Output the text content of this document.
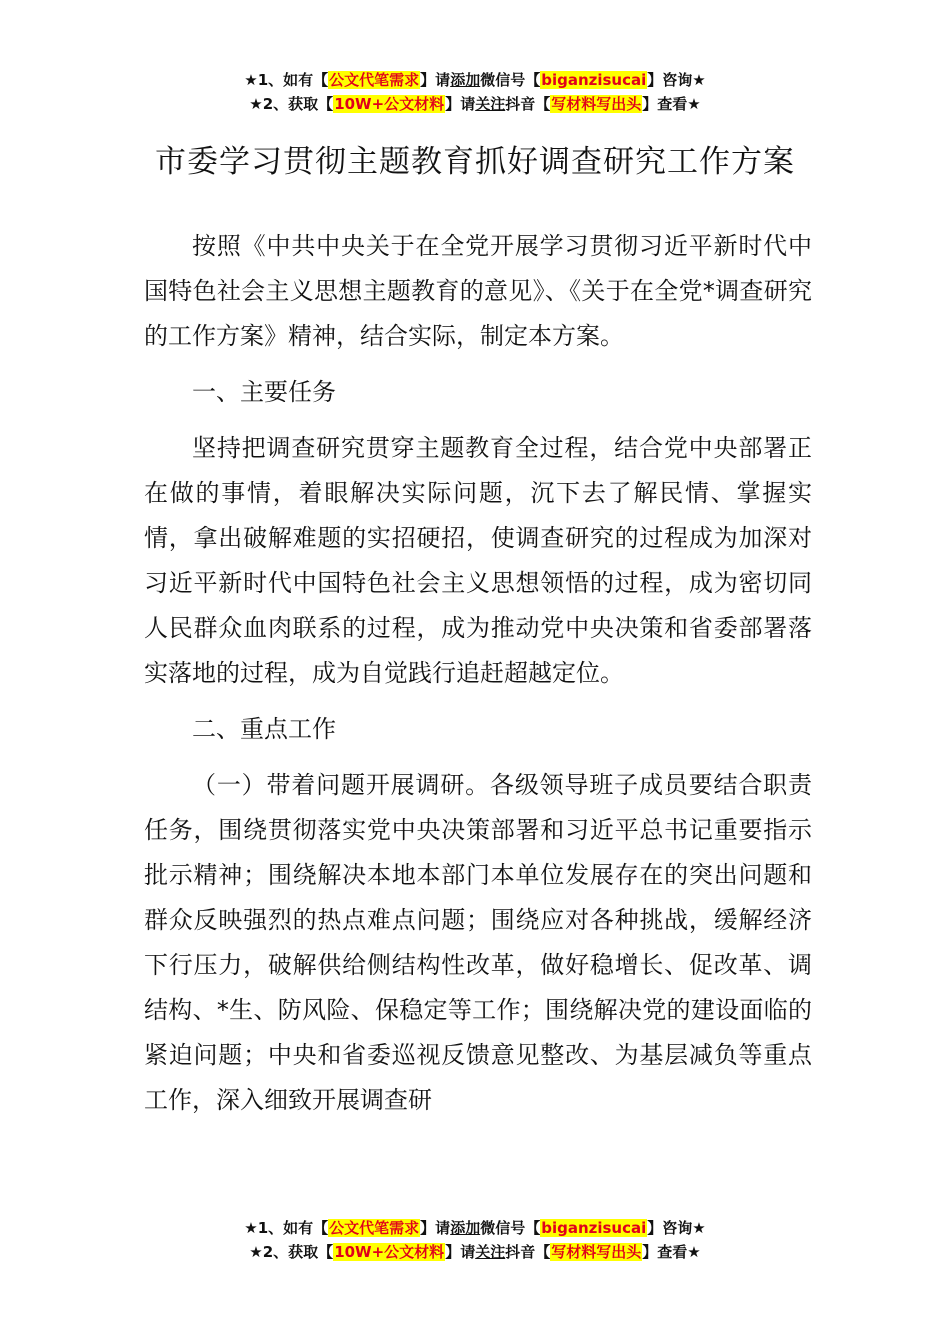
★1、如有【公文代笔需求】请添加微信号【biganzisucai】咨询★
★2、获取【10W+公文材料】请关注抖音【写材料写出头】查看★
市委学习贯彻主题教育抓好调查研究工作方案

按照《中共中央关于在全党开展学习贯彻习近平新时代中国特色社会主义思想主题教育的意见》、《关于在全党*调查研究的工作方案》精神，结合实际，制定本方案。

一、主要任务

坚持把调查研究贯穿主题教育全过程，结合党中央部署正在做的事情，着眼解决实际问题，沉下去了解民情、掌握实情，拿出破解难题的实招硬招，使调查研究的过程成为加深对习近平新时代中国特色社会主义思想领悟的过程，成为密切同人民群众血肉联系的过程，成为推动党中央决策和省委部署落实落地的过程，成为自觉践行追赶超越定位。

二、重点工作

（一）带着问题开展调研。各级领导班子成员要结合职责任务，围绕贯彻落实党中央决策部署和习近平总书记重要指示批示精神；围绕解决本地本部门本单位发展存在的突出问题和群众反映强烈的热点难点问题；围绕应对各种挑战，缓解经济下行压力，破解供给侧结构性改革，做好稳增长、促改革、调结构、*生、防风险、保稳定等工作；围绕解决党的建设面临的紧迫问题；中央和省委巡视反馈意见整改、为基层减负等重点工作，深入细致开展调查研

★1、如有【公文代笔需求】请添加微信号【biganzisucai】咨询★
★2、获取【10W+公文材料】请关注抖音【写材料写出头】查看★
